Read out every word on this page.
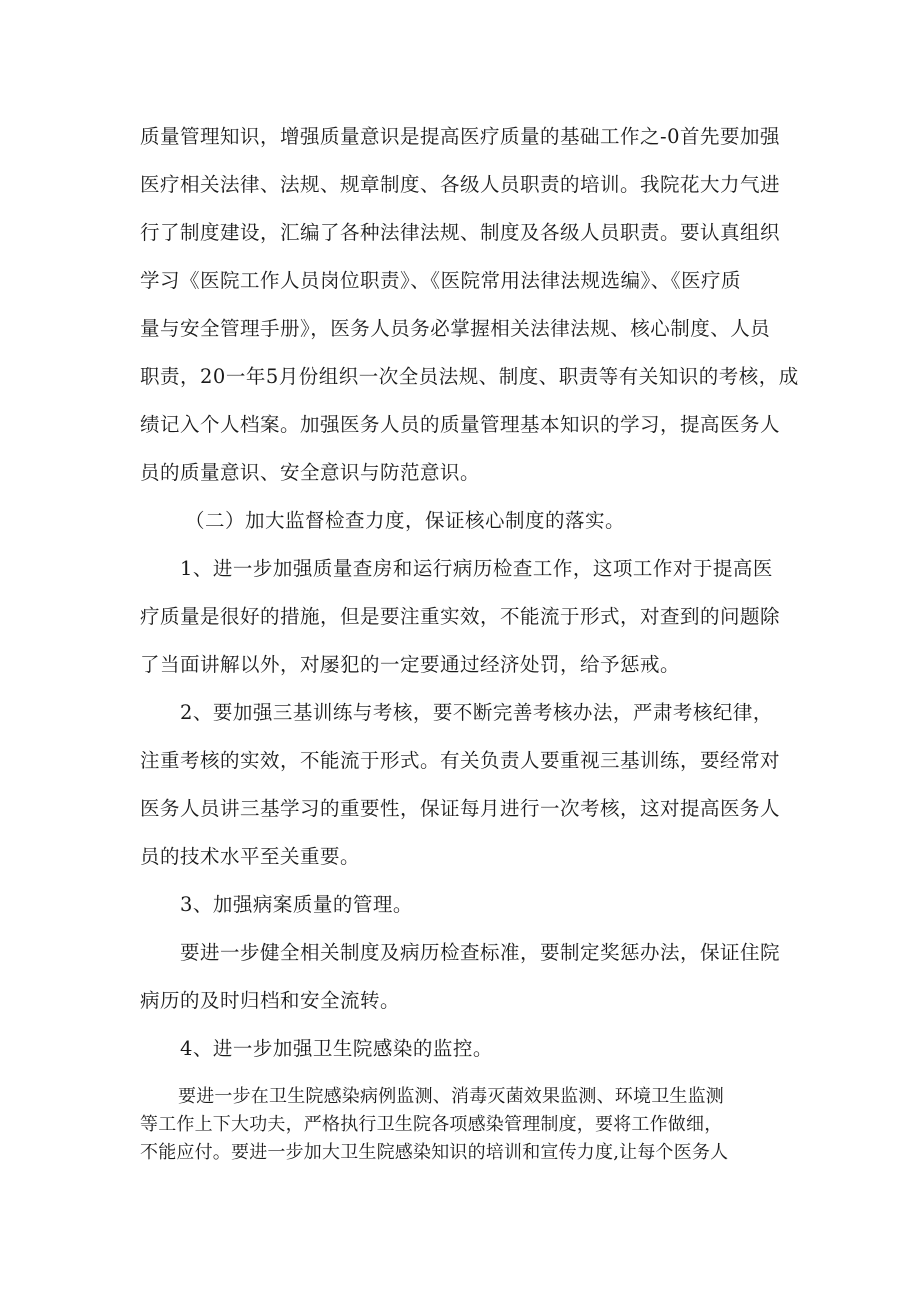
质量管理知识，增强质量意识是提高医疗质量的基础工作之-0首先要加强
医疗相关法律、法规、规章制度、各级人员职责的培训。我院花大力气进
行了制度建设，汇编了各种法律法规、制度及各级人员职责。要认真组织
学习《医院工作人员岗位职责》、《医院常用法律法规选编》、《医疗质
量与安全管理手册》，医务人员务必掌握相关法律法规、核心制度、人员
职责，20一年5月份组织一次全员法规、制度、职责等有关知识的考核，成
绩记入个人档案。加强医务人员的质量管理基本知识的学习，提高医务人
员的质量意识、安全意识与防范意识。
（二）加大监督检查力度，保证核心制度的落实。
1、进一步加强质量查房和运行病历检查工作，这项工作对于提高医
疗质量是很好的措施，但是要注重实效，不能流于形式，对查到的问题除
了当面讲解以外，对屡犯的一定要通过经济处罚，给予惩戒。
2、要加强三基训练与考核，要不断完善考核办法，严肃考核纪律，
注重考核的实效，不能流于形式。有关负责人要重视三基训练，要经常对
医务人员讲三基学习的重要性，保证每月进行一次考核，这对提高医务人
员的技术水平至关重要。
3、加强病案质量的管理。
要进一步健全相关制度及病历检查标准，要制定奖惩办法，保证住院
病历的及时归档和安全流转。
4、进一步加强卫生院感染的监控。
要进一步在卫生院感染病例监测、消毒灭菌效果监测、环境卫生监测
等工作上下大功夫，严格执行卫生院各项感染管理制度，要将工作做细，
不能应付。要进一步加大卫生院感染知识的培训和宣传力度,让每个医务人
